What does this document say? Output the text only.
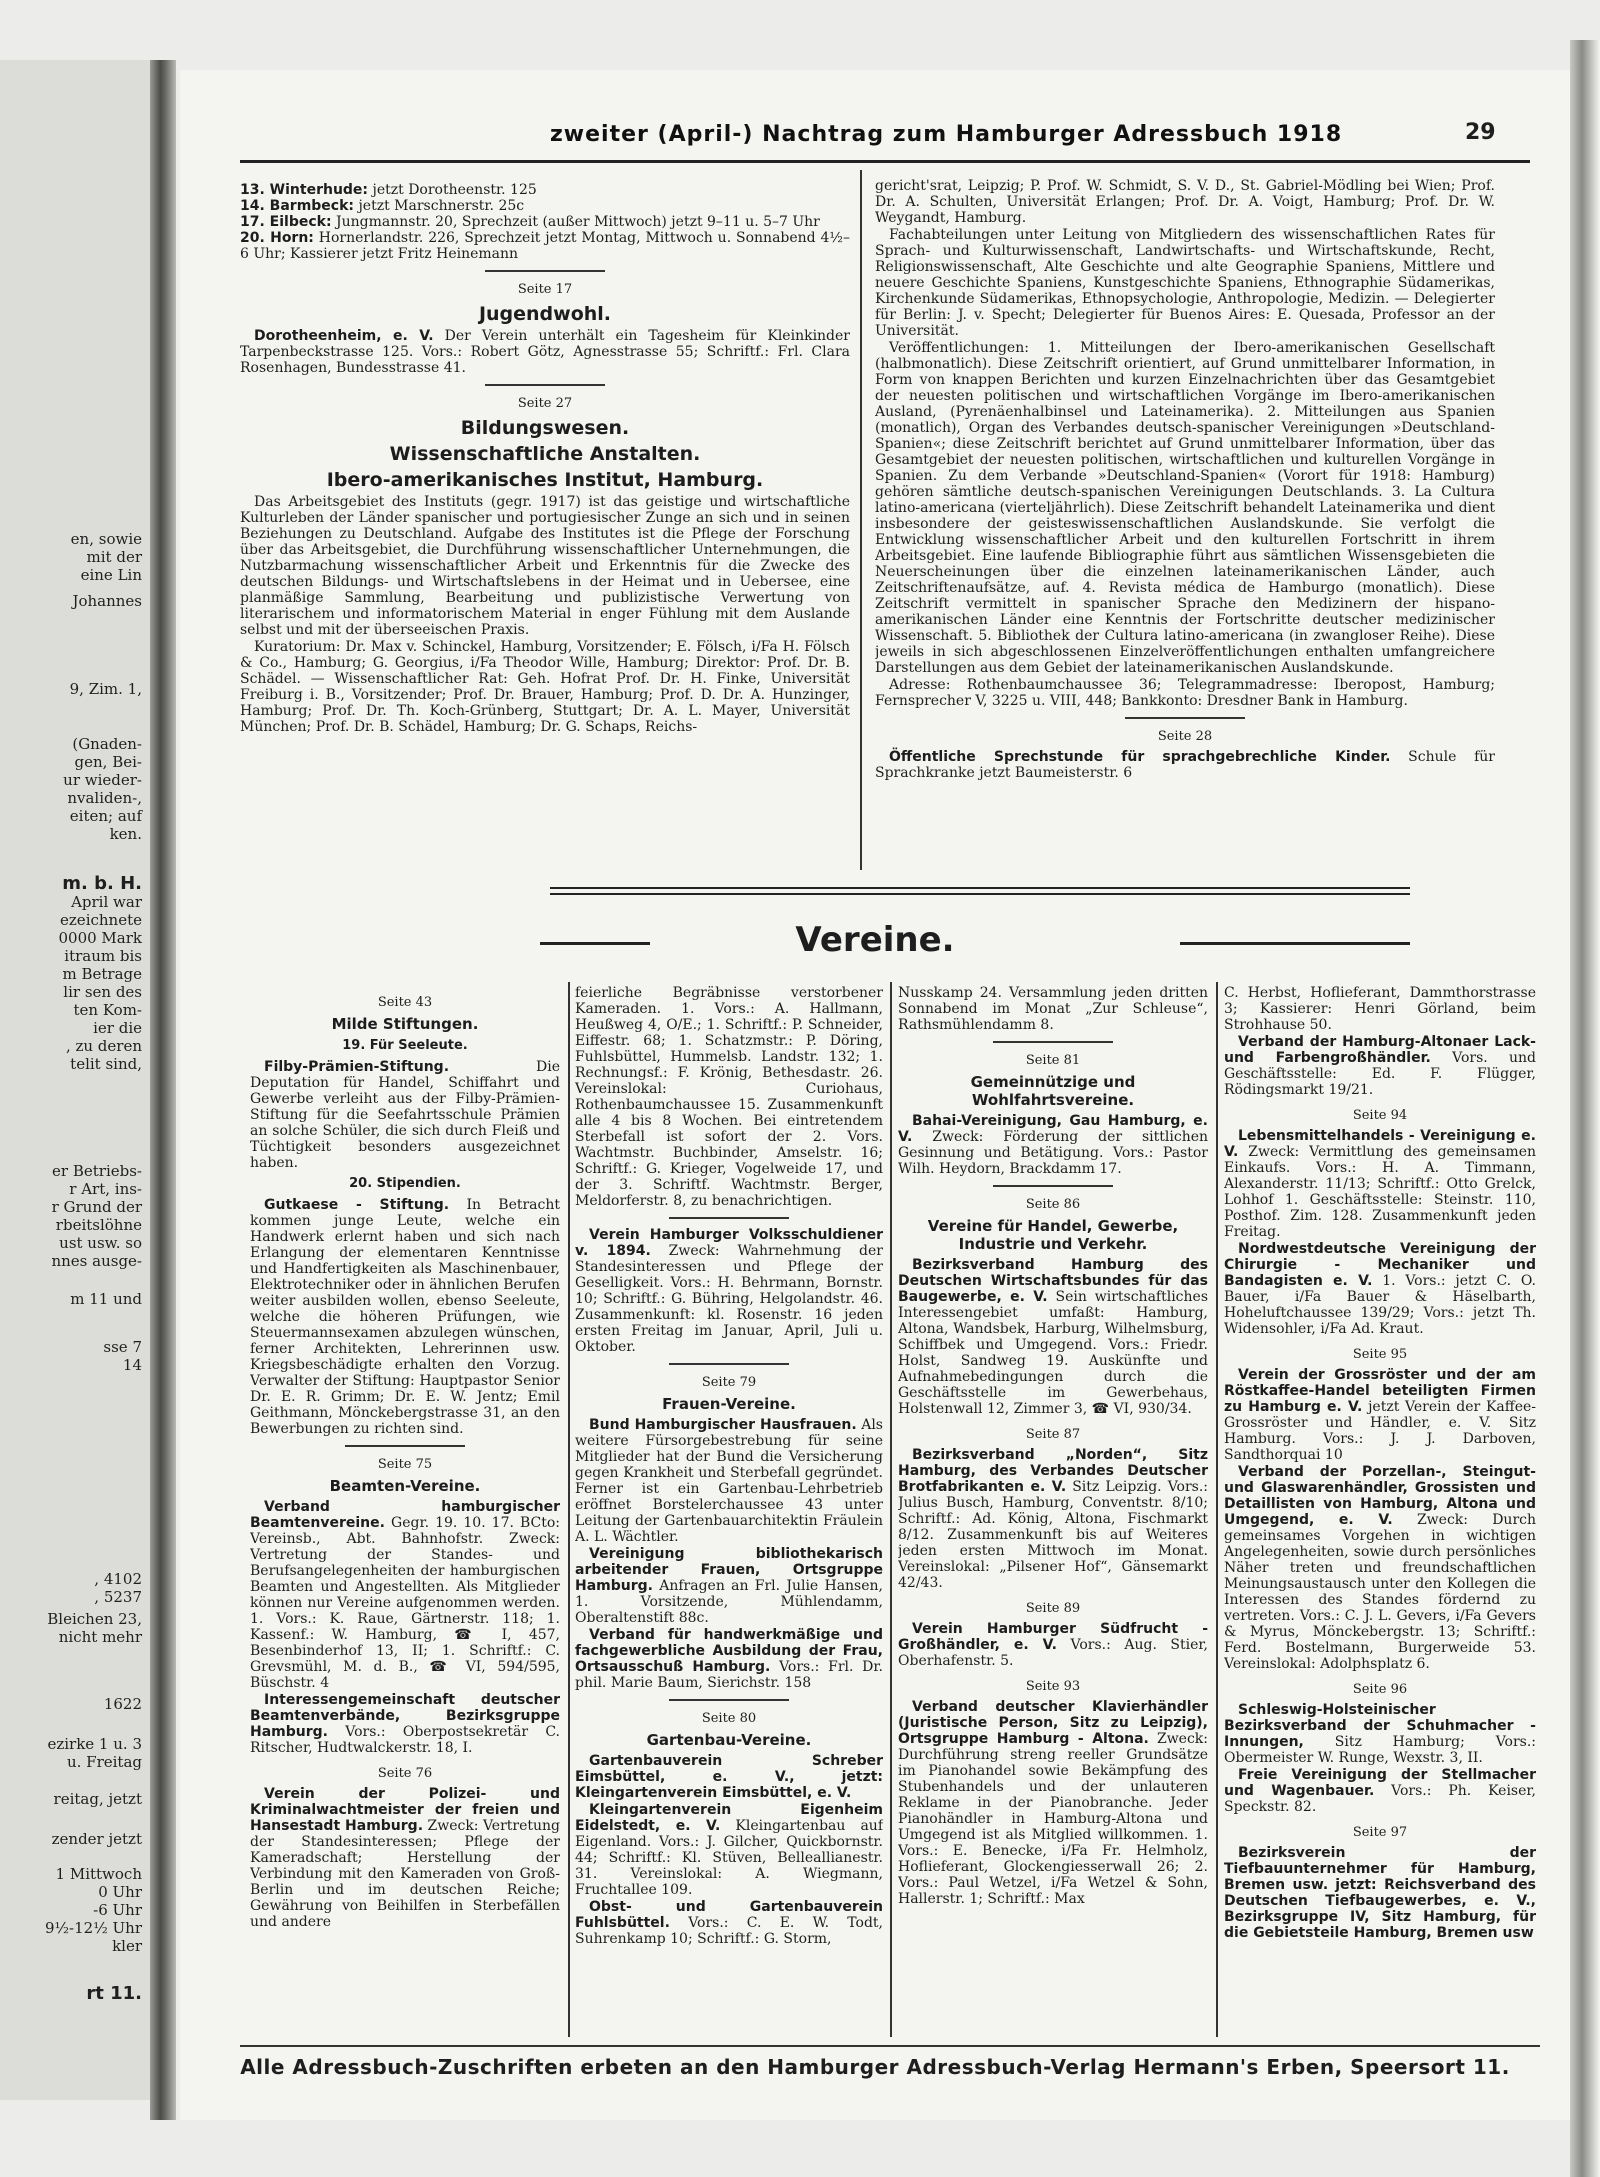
en, sowie
mit der
eine Lin
Johannes
9, Zim. 1,
(Gnaden-
gen, Bei-
ur wieder-
nvaliden-,
eiten; auf
ken.
m. b. H.
April war
ezeichnete
0000 Mark
itraum bis
m Betrage
lir sen des
ten Kom-
ier die
, zu deren
telit sind,
er Betriebs-
r Art, ins-
r Grund der
rbeitslöhne
ust usw. so
nnes ausge-
m 11 und
sse 7
14
, 4102
, 5237
Bleichen 23,
nicht mehr
1622
ezirke 1 u. 3
u. Freitag
reitag, jetzt
zender jetzt
1 Mittwoch
0 Uhr
-6 Uhr
9½-12½ Uhr
kler
rt 11.
zweiter (April-) Nachtrag zum Hamburger Adressbuch 1918	29
13. Winterhude: jetzt Dorotheenstr. 125
14. Barmbeck: jetzt Marschnerstr. 25c
17. Eilbeck: Jungmannstr. 20, Sprechzeit (außer Mittwoch) jetzt 9–11 u. 5–7 Uhr
20. Horn: Hornerlandstr. 226, Sprechzeit jetzt Montag, Mittwoch u. Sonnabend 4½–6 Uhr; Kassierer jetzt Fritz Heinemann
Seite 17
Jugendwohl.

Dorotheenheim, e. V. Der Verein unterhält ein Tagesheim für Kleinkinder Tarpenbeckstrasse 125. Vors.: Robert Götz, Agnesstrasse 55; Schriftf.: Frl. Clara Rosenhagen, Bundesstrasse 41.

Seite 27
Bildungswesen.
Wissenschaftliche Anstalten.
Ibero-amerikanisches Institut, Hamburg.

Das Arbeitsgebiet des Instituts (gegr. 1917) ist das geistige und wirtschaftliche Kulturleben der Länder spanischer und portugiesischer Zunge an sich und in seinen Beziehungen zu Deutschland. Aufgabe des Institutes ist die Pflege der Forschung über das Arbeitsgebiet, die Durchführung wissenschaftlicher Unternehmungen, die Nutzbarmachung wissenschaftlicher Arbeit und Erkenntnis für die Zwecke des deutschen Bildungs- und Wirtschaftslebens in der Heimat und in Uebersee, eine planmäßige Sammlung, Bearbeitung und publizistische Verwertung von literarischem und informatorischem Material in enger Fühlung mit dem Auslande selbst und mit der überseeischen Praxis.

Kuratorium: Dr. Max v. Schinckel, Hamburg, Vorsitzender; E. Fölsch, i/Fa H. Fölsch & Co., Hamburg; G. Georgius, i/Fa Theodor Wille, Hamburg; Direktor: Prof. Dr. B. Schädel. — Wissenschaftlicher Rat: Geh. Hofrat Prof. Dr. H. Finke, Universität Freiburg i. B., Vorsitzender; Prof. Dr. Brauer, Hamburg; Prof. D. Dr. A. Hunzinger, Hamburg; Prof. Dr. Th. Koch-Grünberg, Stuttgart; Dr. A. L. Mayer, Universität München; Prof. Dr. B. Schädel, Hamburg; Dr. G. Schaps, Reichs-

gericht'srat, Leipzig; P. Prof. W. Schmidt, S. V. D., St. Gabriel-Mödling bei Wien; Prof. Dr. A. Schulten, Universität Erlangen; Prof. Dr. A. Voigt, Hamburg; Prof. Dr. W. Weygandt, Hamburg.

Fachabteilungen unter Leitung von Mitgliedern des wissenschaftlichen Rates für Sprach- und Kulturwissenschaft, Landwirtschafts- und Wirtschaftskunde, Recht, Religionswissenschaft, Alte Geschichte und alte Geographie Spaniens, Mittlere und neuere Geschichte Spaniens, Kunstgeschichte Spaniens, Ethnographie Südamerikas, Kirchenkunde Südamerikas, Ethnopsychologie, Anthropologie, Medizin. — Delegierter für Berlin: J. v. Specht; Delegierter für Buenos Aires: E. Quesada, Professor an der Universität.

Veröffentlichungen: 1. Mitteilungen der Ibero-amerikanischen Gesellschaft (halbmonatlich). Diese Zeitschrift orientiert, auf Grund unmittelbarer Information, in Form von knappen Berichten und kurzen Einzelnachrichten über das Gesamtgebiet der neuesten politischen und wirtschaftlichen Vorgänge im Ibero-amerikanischen Ausland, (Pyrenäenhalbinsel und Lateinamerika). 2. Mitteilungen aus Spanien (monatlich), Organ des Verbandes deutsch-spanischer Vereinigungen »Deutschland-Spanien«; diese Zeitschrift berichtet auf Grund unmittelbarer Information, über das Gesamtgebiet der neuesten politischen, wirtschaftlichen und kulturellen Vorgänge in Spanien. Zu dem Verbande »Deutschland-Spanien« (Vorort für 1918: Hamburg) gehören sämtliche deutsch-spanischen Vereinigungen Deutschlands. 3. La Cultura latino-americana (vierteljährlich). Diese Zeitschrift behandelt Lateinamerika und dient insbesondere der geisteswissenschaftlichen Auslandskunde. Sie verfolgt die Entwicklung wissenschaftlicher Arbeit und den kulturellen Fortschritt in ihrem Arbeitsgebiet. Eine laufende Bibliographie führt aus sämtlichen Wissensgebieten die Neuerscheinungen über die einzelnen lateinamerikanischen Länder, auch Zeitschriftenaufsätze, auf. 4. Revista médica de Hamburgo (monatlich). Diese Zeitschrift vermittelt in spanischer Sprache den Medizinern der hispano-amerikanischen Länder eine Kenntnis der Fortschritte deutscher medizinischer Wissenschaft. 5. Bibliothek der Cultura latino-americana (in zwangloser Reihe). Diese jeweils in sich abgeschlossenen Einzelveröffentlichungen enthalten umfangreichere Darstellungen aus dem Gebiet der lateinamerikanischen Auslandskunde.

Adresse: Rothenbaumchaussee 36; Telegrammadresse: Iberopost, Hamburg; Fernsprecher V, 3225 u. VIII, 448; Bankkonto: Dresdner Bank in Hamburg.

Seite 28

Öffentliche Sprechstunde für sprachgebrechliche Kinder. Schule für Sprachkranke jetzt Baumeisterstr. 6

Vereine.
Seite 43
Milde Stiftungen.
19. Für Seeleute.

Filby-Prämien-Stiftung.	Die Deputation für Handel, Schiffahrt und Gewerbe verleiht aus der Filby-Prämien-Stiftung für die Seefahrtsschule Prämien an solche Schüler, die sich durch Fleiß und Tüchtigkeit besonders ausgezeichnet haben.

20. Stipendien.

Gutkaese - Stiftung. In Betracht kommen junge Leute, welche ein Handwerk erlernt haben und sich nach Erlangung der elementaren Kenntnisse und Handfertigkeiten als Maschinenbauer, Elektrotechniker oder in ähnlichen Berufen weiter ausbilden wollen, ebenso Seeleute, welche die höheren Prüfungen, wie Steuermannsexamen abzulegen wünschen, ferner Architekten, Lehrerinnen usw. Kriegsbeschädigte erhalten den Vorzug. Verwalter der Stiftung: Hauptpastor Senior Dr. E. R. Grimm; Dr. E. W. Jentz; Emil Geithmann, Mönckebergstrasse 31, an den Bewerbungen zu richten sind.

Seite 75
Beamten-Vereine.

Verband hamburgischer Beamtenvereine. Gegr. 19. 10. 17. BCto: Vereinsb., Abt. Bahnhofstr. Zweck: Vertretung der Standes- und Berufsangelegenheiten der hamburgischen Beamten und Angestellten. Als Mitglieder können nur Vereine aufgenommen werden. 1. Vors.: K. Raue, Gärtnerstr. 118; 1. Kassenf.: W. Hamburg, ☎ I, 457, Besenbinderhof 13, II; 1. Schriftf.: C. Grevsmühl, M. d. B., ☎ VI, 594/595, Büschstr. 4

Interessengemeinschaft deutscher Beamtenverbände, Bezirksgruppe Hamburg. Vors.: Oberpostsekretär C. Ritscher, Hudtwalckerstr. 18, I.

Seite 76

Verein der Polizei- und Kriminalwachtmeister der freien und Hansestadt Hamburg. Zweck: Vertretung der Standesinteressen; Pflege der Kameradschaft; Herstellung der Verbindung mit den Kameraden von Groß-Berlin und im deutschen Reiche; Gewährung von Beihilfen in Sterbefällen und andere

feierliche Begräbnisse verstorbener Kameraden. 1. Vors.: A. Hallmann, Heußweg 4, O/E.; 1. Schriftf.: P. Schneider, Eiffestr. 68; 1. Schatzmstr.: P. Döring, Fuhlsbüttel, Hummelsb. Landstr. 132; 1. Rechnungsf.: F. Krönig, Bethesdastr. 26. Vereinslokal: Curiohaus, Rothenbaumchaussee 15. Zusammenkunft alle 4 bis 8 Wochen. Bei eintretendem Sterbefall ist sofort der 2. Vors. Wachtmstr. Buchbinder, Amselstr. 16; Schriftf.: G. Krieger, Vogelweide 17, und der 3. Schriftf. Wachtmstr. Berger, Meldorferstr. 8, zu benachrichtigen.

Verein Hamburger Volksschuldiener v. 1894. Zweck: Wahrnehmung der Standesinteressen und Pflege der Geselligkeit. Vors.: H. Behrmann, Bornstr. 10; Schriftf.: G. Bühring, Helgolandstr. 46. Zusammenkunft: kl. Rosenstr. 16 jeden ersten Freitag im Januar, April, Juli u. Oktober.

Seite 79
Frauen-Vereine.

Bund Hamburgischer Hausfrauen. Als weitere Fürsorgebestrebung für seine Mitglieder hat der Bund die Versicherung gegen Krankheit und Sterbefall gegründet. Ferner ist ein Gartenbau-Lehrbetrieb eröffnet Borstelerchaussee 43 unter Leitung der Gartenbauarchitektin Fräulein A. L. Wächtler.

Vereinigung bibliothekarisch arbeitender Frauen, Ortsgruppe Hamburg. Anfragen an Frl. Julie Hansen, 1. Vorsitzende, Mühlendamm, Oberaltenstift 88c.

Verband für handwerkmäßige und fachgewerbliche Ausbildung der Frau, Ortsausschuß Hamburg. Vors.: Frl. Dr. phil. Marie Baum, Sierichstr. 158

Seite 80
Gartenbau-Vereine.

Gartenbauverein Schreber Eimsbüttel, e. V.,	jetzt: Kleingartenverein Eimsbüttel, e. V.

Kleingartenverein Eigenheim Eidelstedt, e. V. Kleingartenbau auf Eigenland. Vors.: J. Gilcher, Quickbornstr. 44; Schriftf.: Kl. Stüven, Belleallianestr. 31. Vereinslokal: A. Wiegmann, Fruchtallee 109.

Obst- und Gartenbauverein Fuhlsbüttel. Vors.: C. E. W. Todt, Suhrenkamp 10; Schriftf.: G. Storm,

Nusskamp 24. Versammlung jeden dritten Sonnabend im Monat „Zur Schleuse“, Rathsmühlendamm 8.

Seite 81
Gemeinnützige und Wohlfahrtsvereine.

Bahai-Vereinigung, Gau Hamburg, e. V. Zweck: Förderung der sittlichen Gesinnung und Betätigung. Vors.: Pastor Wilh. Heydorn, Brackdamm 17.

Seite 86
Vereine für Handel, Gewerbe, Industrie und Verkehr.

Bezirksverband Hamburg des Deutschen Wirtschaftsbundes für das Baugewerbe, e. V. Sein wirtschaftliches Interessengebiet umfaßt: Hamburg, Altona, Wandsbek, Harburg, Wilhelmsburg, Schiffbek und Umgegend. Vors.: Friedr. Holst, Sandweg 19. Auskünfte und Aufnahmebedingungen durch die Geschäftsstelle im Gewerbehaus, Holstenwall 12, Zimmer 3, ☎ VI, 930/34.

Seite 87

Bezirksverband „Norden“, Sitz Hamburg, des Verbandes Deutscher Brotfabrikanten e. V. Sitz Leipzig. Vors.: Julius Busch, Hamburg, Conventstr. 8/10; Schriftf.: Ad. König, Altona, Fischmarkt 8/12. Zusammenkunft bis auf Weiteres jeden ersten Mittwoch im Monat. Vereinslokal: „Pilsener Hof“, Gänsemarkt 42/43.

Seite 89

Verein Hamburger Südfrucht - Großhändler, e. V. Vors.: Aug. Stier, Oberhafenstr. 5.

Seite 93

Verband deutscher Klavierhändler (Juristische Person, Sitz zu Leipzig), Ortsgruppe Hamburg - Altona. Zweck: Durchführung streng reeller Grundsätze im Pianohandel sowie Bekämpfung des Stubenhandels und der unlauteren Reklame in der Pianobranche. Jeder Pianohändler in Hamburg-Altona und Umgegend ist als Mitglied willkommen. 1. Vors.: E. Benecke, i/Fa Fr. Helmholz, Hoflieferant, Glockengiesserwall 26; 2. Vors.: Paul Wetzel, i/Fa Wetzel & Sohn, Hallerstr. 1; Schriftf.: Max

C. Herbst, Hoflieferant, Dammthorstrasse 3; Kassierer: Henri Görland, beim Strohhause 50.

Verband der Hamburg-Altonaer Lack- und Farbengroßhändler. Vors. und Geschäftsstelle: Ed. F. Flügger, Rödingsmarkt 19/21.

Seite 94

Lebensmittelhandels - Vereinigung e. V. Zweck: Vermittlung des gemeinsamen Einkaufs. Vors.: H. A. Timmann, Alexanderstr. 11/13; Schriftf.: Otto Grelck, Lohhof 1. Geschäftsstelle: Steinstr. 110, Posthof. Zim. 128. Zusammenkunft jeden Freitag.

Nordwestdeutsche Vereinigung der Chirurgie - Mechaniker und Bandagisten e. V. 1. Vors.: jetzt C. O. Bauer, i/Fa Bauer & Häselbarth, Hoheluftchaussee 139/29; Vors.: jetzt Th. Widensohler, i/Fa Ad. Kraut.

Seite 95

Verein der Grossröster und der am Röstkaffee-Handel beteiligten Firmen zu Hamburg e. V. jetzt Verein der Kaffee-Grossröster und Händler, e. V. Sitz Hamburg. Vors.: J. J. Darboven, Sandthorquai 10

Verband der Porzellan-, Steingut- und Glaswarenhändler, Grossisten und Detaillisten von Hamburg, Altona und Umgegend, e. V. Zweck: Durch gemeinsames Vorgehen in wichtigen Angelegenheiten, sowie durch persönliches Näher treten und freundschaftlichen Meinungsaustausch unter den Kollegen die Interessen des Standes fördernd zu vertreten. Vors.: C. J. L. Gevers, i/Fa Gevers & Myrus, Mönckebergstr. 13; Schriftf.: Ferd. Bostelmann, Burgerweide 53. Vereinslokal: Adolphsplatz 6.

Seite 96

Schleswig-Holsteinischer Bezirksverband der Schuhmacher - Innungen, Sitz Hamburg; Vors.: Obermeister W. Runge, Wexstr. 3, II.

Freie Vereinigung der Stellmacher und Wagenbauer. Vors.: Ph. Keiser, Speckstr. 82.

Seite 97

Bezirksverein der Tiefbauunternehmer für Hamburg, Bremen usw. jetzt: Reichsverband des Deutschen Tiefbaugewerbes, e. V., Bezirksgruppe IV, Sitz Hamburg, für die Gebietsteile Hamburg, Bremen usw

Alle Adressbuch-Zuschriften erbeten an den Hamburger Adressbuch-Verlag Hermann's Erben, Speersort 11.
